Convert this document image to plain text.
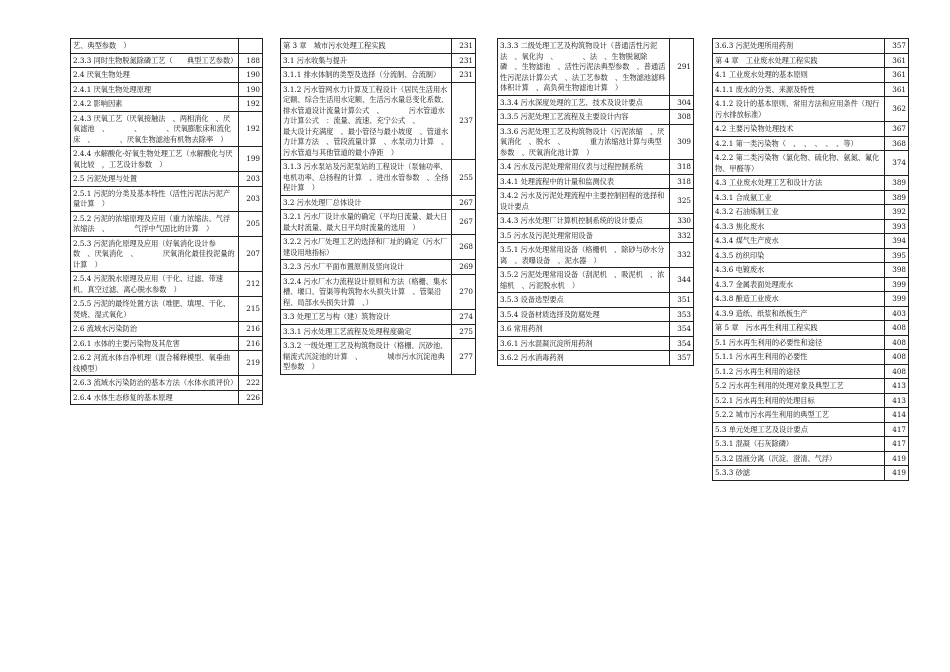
艺、典型参数　）	
2.3.3 同时生物脱氮除磷工艺（　　典型工艺参数）	188
2.4 厌氧生物处理	190
2.4.1 厌氧生物处理原理	190
2.4.2 影响因素	192
2.4.3 厌氧工艺（厌氧接触法　、两相消化　、厌氧滤池　、　　　　、　　　　、厌氧膨胀床和流化床　、　　　　、厌氧生物滤池有机物去除率　）	192
2.4.4 水解酸化-好氧生物处理工艺（水解酸化与厌氧比较　，工艺设计参数　）	199
2.5 污泥处理与处置	203
2.5.1 污泥的分类及基本特性（活性污泥法污泥产量计算　）	203
2.5.2 污泥的浓缩原理及应用（重力浓缩法、气浮浓缩法　、　　　　气浮中气固比的计算　）	205
2.5.3 污泥消化原理及应用（好氧消化设计参数　、厌氧消化　、　　　　厌氧消化最佳投泥量的计算　）	207
2.5.4 污泥脱水原理及应用（干化、过滤、带速机、真空过滤、离心脱水参数　）	212
2.5.5 污泥的最终处置方法（堆肥、填埋、干化、焚烧、湿式氧化）	215
2.6 流域水污染防治	216
2.6.1 水体的主要污染物及其危害	216
2.6.2 河流水体自净机理（混合稀释模型、氧垂曲线模型）	219
2.6.3 流域水污染防治的基本方法（水体水质评价）	222
2.6.4 水体生态修复的基本原理	226
第 3 章　城市污水处理工程实践	231
3.1 污水收集与提升	231
3.1.1 排水体制的类型及选择（分流制、合流制）	231
3.1.2 污水管网水力计算及工程设计（居民生活用水定额、综合生活用水定额、生活污水量总变化系数、排水管道设计流量计算公式　、　　　　污水管道水力计算公式　：流量、流速、充宁公式　、　　　　最大设计充满度　、最小管径与最小坡度　、管道水力计算方法　、管段流量计算　、水泵动力计算　、污水管道与其他管道的最小净距　）	237
3.1.3 污水泵站及污泥泵站的工程设计（泵轴功率、电机功率、总扬程的计算　、进出水管参数　、全扬程计算　）	255
3.2 污水处理厂总体设计	267
3.2.1 污水厂设计水量的确定（平均日流量、最大日最大时流量、最大日平均时流量的选用　）	267
3.2.2 污水厂处理工艺的选择和厂址的确定（污水厂建设用地指标）	268
3.2.3 污水厂平面布置原则及竖向设计	269
3.2.4 污水厂水力流程设计原则和方法（格栅、集水槽、堰口、管渠等构筑物水头损失计算　、管渠沿程、局部水头损失计算　、）	270
3.3 处理工艺与构（建）筑物设计	274
3.3.1 污水处理工艺流程及处理程度确定	275
3.3.2 一级处理工艺及构筑物设计（格栅、沉砂池、辐流式沉淀池的计算　、　　　　城市污水沉淀池典型参数　）	277
3.3.3 二级处理工艺及构筑物设计（普通活性污泥法　、氧化沟　、　　　　、法　、生物脱氮除磷　、生物滤池　、活性污泥法典型参数　、普通活性污泥法计算公式　、法工艺参数　、生物滤池滤料体积计算　、高负荷生物滤池计算　）	291
3.3.4 污水深度处理的工艺、技术及设计要点	304
3.3.5 污泥处理工艺流程及主要设计内容	308
3.3.6 污泥处理工艺及构筑物设计（污泥浓缩　、厌氧消化　、脱水　、　　　　重力浓缩池计算与典型参数　、厌氧消化池计算　）	309
3.4 污水及污泥处理常用仪表与过程控制系统	318
3.4.1 处理流程中的计量和监测仪表	318
3.4.2 污水及污泥处理流程中主要控制回程的选择和设计要点	325
3.4.3 污水处理厂计算机控制系统的设计要点	330
3.5 污水及污泥处理常用设备	332
3.5.1 污水处理常用设备（格栅机　、除砂与砂水分离　、表曝设备　、泥水器　）	332
3.5.2 污泥处理常用设备（刮泥机　、吸泥机　、浓缩机　、污泥脱水机　）	344
3.5.3 设备选型要点	351
3.5.4 设备材质选择及防腐处理	353
3.6 常用药剂	354
3.6.1 污水混凝沉淀所用药剂	354
3.6.2 污水消毒药剂	357
3.6.3 污泥处理所用药剂	357
第 4 章　工业废水处理工程实践	361
4.1 工业废水处理的基本原则	361
4.1.1 废水的分类、来源及特性	361
4.1.2 设计的基本原则、常用方法和应用条件（现行污水排放标准）	362
4.2 主要污染物处理技术	367
4.2.1 第一类污染物（　、　、　、　、　、等）	368
4.2.2 第二类污染物（氯化物、硫化物、氨氮、氟化物、甲醛等）	374
4.3 工业废水处理工艺和设计方法	389
4.3.1 合成氨工业	389
4.3.2 石油炼制工业	392
4.3.3 焦化废水	393
4.3.4 煤气生产废水	394
4.3.5 纺织印染	395
4.3.6 电镀废水	398
4.3.7 金属表面处理废水	399
4.3.8 酿造工业废水	399
4.3.9 造纸、纸浆和纸板生产	403
第 5 章　污水再生利用工程实践	408
5.1 污水再生利用的必要性和途径	408
5.1.1 污水再生利用的必要性	408
5.1.2 污水再生利用的途径	408
5.2 污水再生利用的处理对象及典型工艺	413
5.2.1 污水再生利用的处理目标	413
5.2.2 城市污水再生利用的典型工艺	414
5.3 单元处理工艺及设计要点	417
5.3.1 混凝（石灰除磷）	417
5.3.2 固液分离（沉淀、澄清、气浮）	419
5.3.3 砂滤	419
